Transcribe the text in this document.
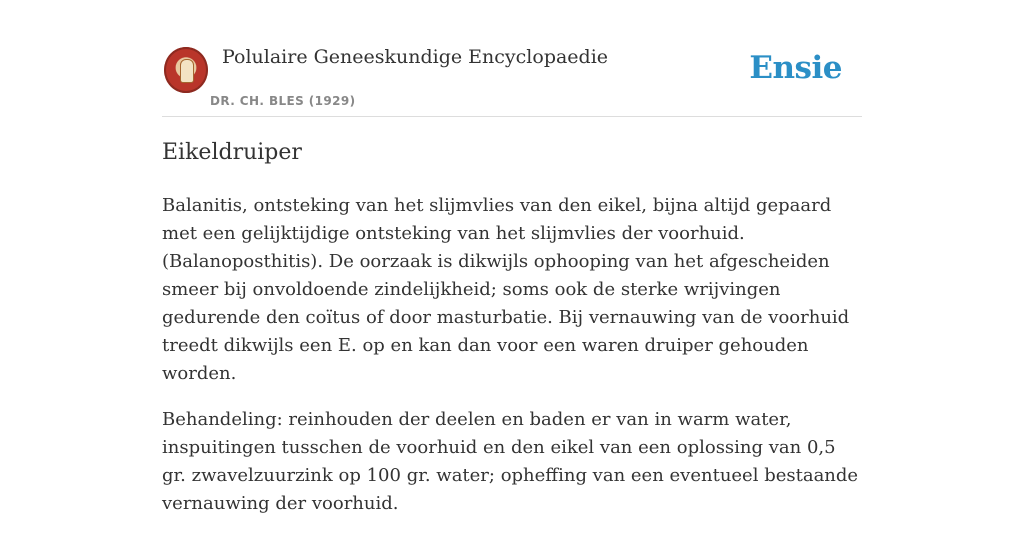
Polulaire Geneeskundige Encyclopaedie
DR. CH. BLES (1929)
Ensie
Eikeldruiper

Balanitis, ontsteking van het slijmvlies van den eikel, bijna altijd gepaard met een gelijktijdige ontsteking van het slijmvlies der voorhuid. (Balanoposthitis). De oorzaak is dikwijls ophooping van het afgescheiden smeer bij onvoldoende zindelijkheid; soms ook de sterke wrijvingen gedurende den coïtus of door masturbatie. Bij vernauwing van de voorhuid treedt dikwijls een E. op en kan dan voor een waren druiper gehouden worden.

Behandeling: reinhouden der deelen en baden er van in warm water, inspuitingen tusschen de voorhuid en den eikel van een oplossing van 0,5 gr. zwavelzuurzink op 100 gr. water; opheffing van een eventueel bestaande vernauwing der voorhuid.
